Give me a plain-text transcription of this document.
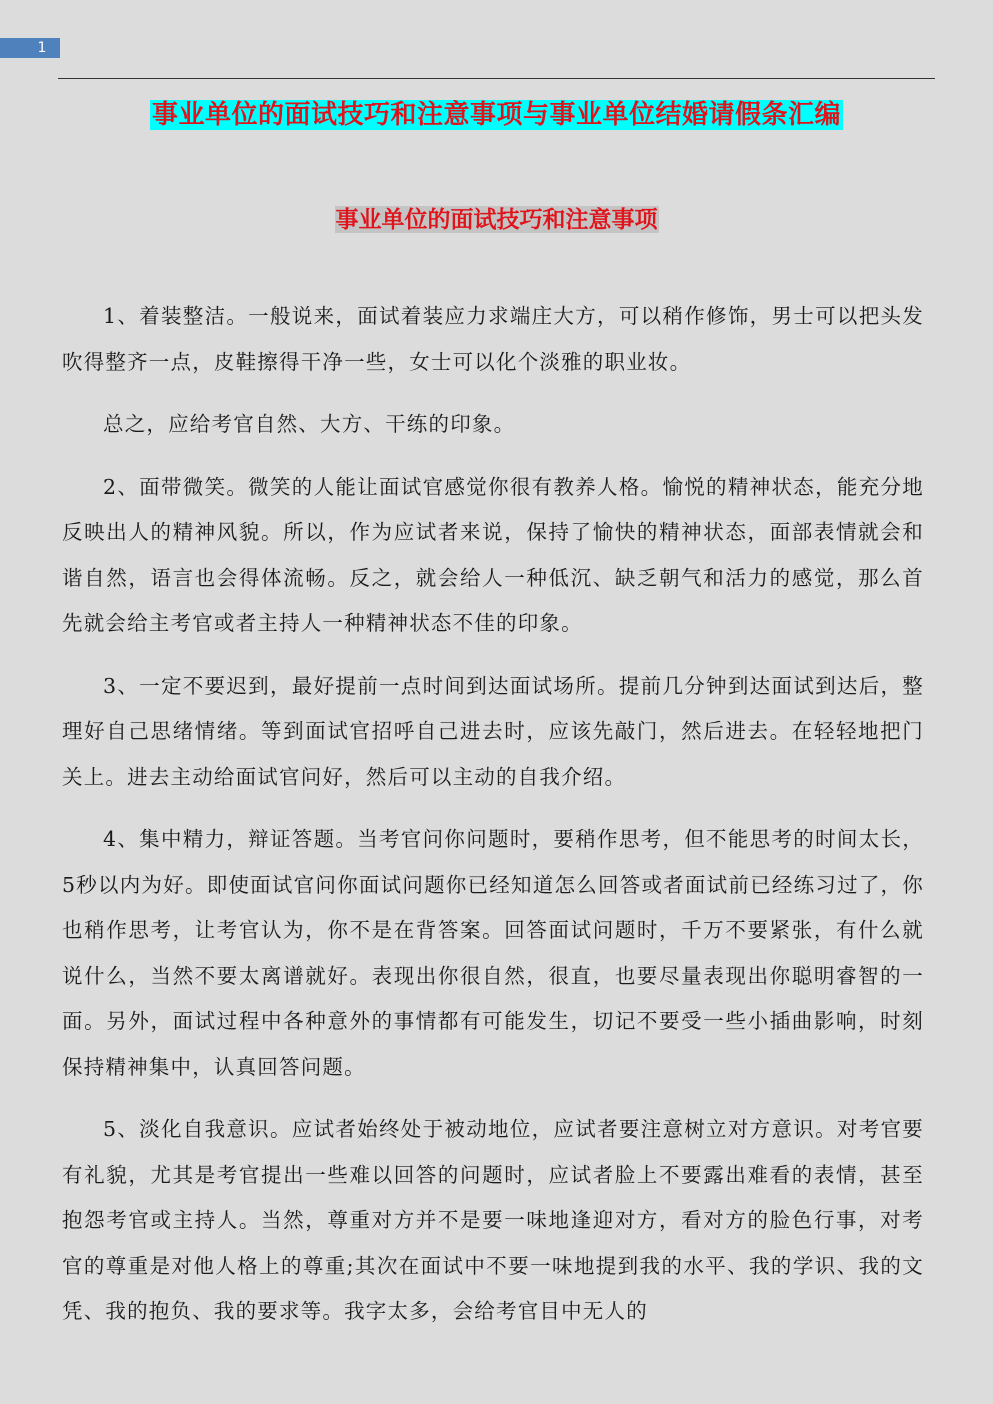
1
事业单位的面试技巧和注意事项与事业单位结婚请假条汇编
事业单位的面试技巧和注意事项

1、着装整洁。一般说来，面试着装应力求端庄大方，可以稍作修饰，男士可以把头发吹得整齐一点，皮鞋擦得干净一些，女士可以化个淡雅的职业妆。

总之，应给考官自然、大方、干练的印象。

2、面带微笑。微笑的人能让面试官感觉你很有教养人格。愉悦的精神状态，能充分地反映出人的精神风貌。所以，作为应试者来说，保持了愉快的精神状态，面部表情就会和谐自然，语言也会得体流畅。反之，就会给人一种低沉、缺乏朝气和活力的感觉，那么首先就会给主考官或者主持人一种精神状态不佳的印象。

3、一定不要迟到，最好提前一点时间到达面试场所。提前几分钟到达面试到达后，整理好自己思绪情绪。等到面试官招呼自己进去时，应该先敲门，然后进去。在轻轻地把门关上。进去主动给面试官问好，然后可以主动的自我介绍。

4、集中精力，辩证答题。当考官问你问题时，要稍作思考，但不能思考的时间太长，5秒以内为好。即使面试官问你面试问题你已经知道怎么回答或者面试前已经练习过了，你也稍作思考，让考官认为，你不是在背答案。回答面试问题时，千万不要紧张，有什么就说什么，当然不要太离谱就好。表现出你很自然，很直，也要尽量表现出你聪明睿智的一面。另外，面试过程中各种意外的事情都有可能发生，切记不要受一些小插曲影响，时刻保持精神集中，认真回答问题。

5、淡化自我意识。应试者始终处于被动地位，应试者要注意树立对方意识。对考官要有礼貌，尤其是考官提出一些难以回答的问题时，应试者脸上不要露出难看的表情，甚至抱怨考官或主持人。当然，尊重对方并不是要一味地逢迎对方，看对方的脸色行事，对考官的尊重是对他人格上的尊重;其次在面试中不要一味地提到我的水平、我的学识、我的文凭、我的抱负、我的要求等。我字太多，会给考官目中无人的
